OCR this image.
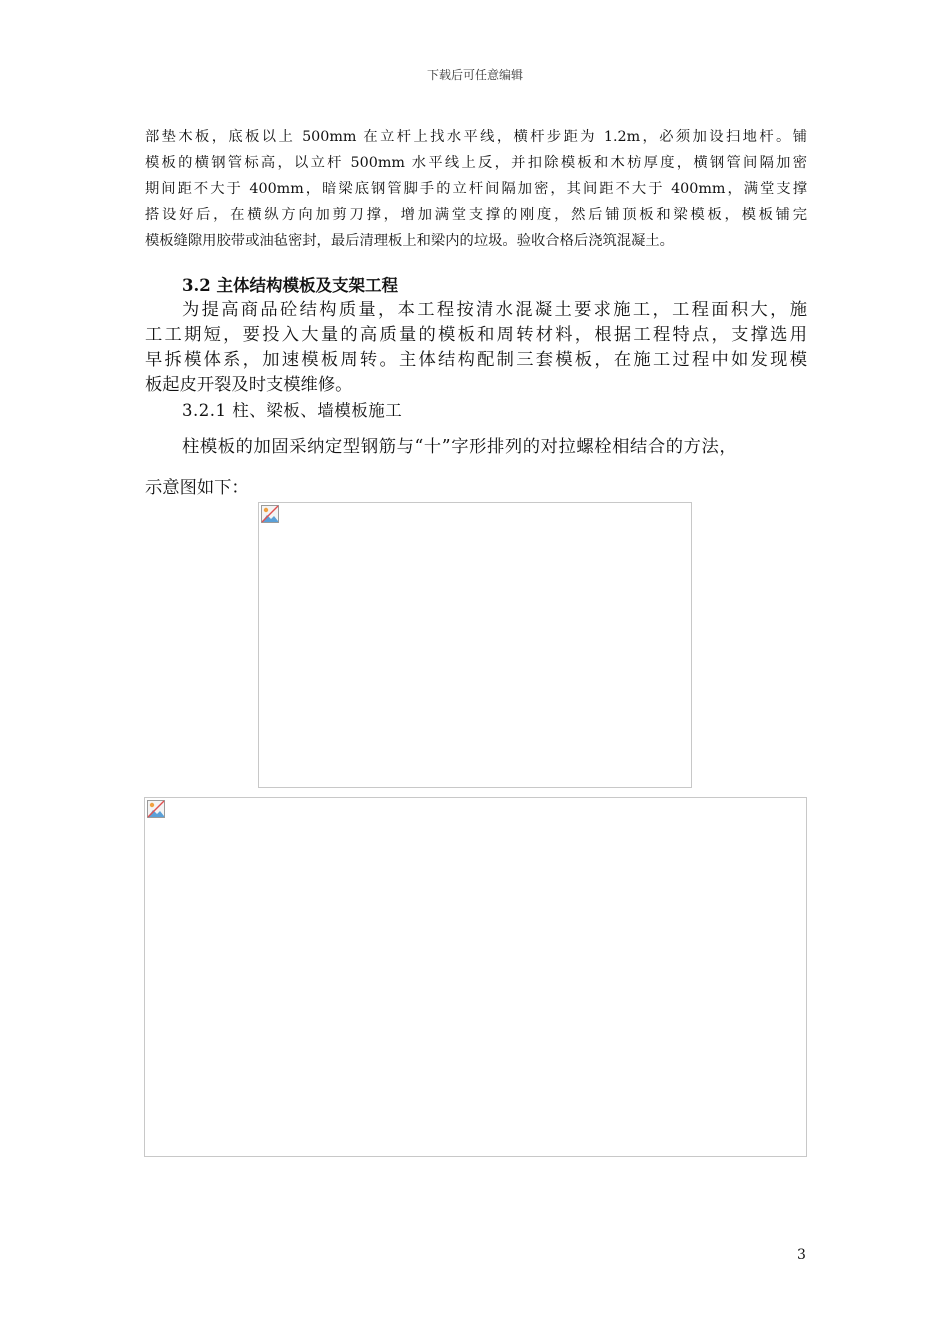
下载后可任意编辑
部垫木板，底板以上 500mm 在立杆上找水平线，横杆步距为 1.2m，必须加设扫地杆。铺
模板的横钢管标高，以立杆 500mm 水平线上反，并扣除模板和木枋厚度，横钢管间隔加密
期间距不大于 400mm，暗梁底钢管脚手的立杆间隔加密，其间距不大于 400mm，满堂支撑
搭设好后，在横纵方向加剪刀撑，增加满堂支撑的刚度，然后铺顶板和梁模板，模板铺完
模板缝隙用胶带或油毡密封，最后清理板上和梁内的垃圾。验收合格后浇筑混凝土。
3.2 主体结构模板及支架工程
为提高商品砼结构质量，本工程按清水混凝土要求施工，工程面积大，施
工工期短，要投入大量的高质量的模板和周转材料，根据工程特点，支撑选用
早拆模体系，加速模板周转。主体结构配制三套模板，在施工过程中如发现模
板起皮开裂及时支模维修。
3.2.1 柱、梁板、墙模板施工
柱模板的加固采纳定型钢筋与“十”字形排列的对拉螺栓相结合的方法，
示意图如下：
3
